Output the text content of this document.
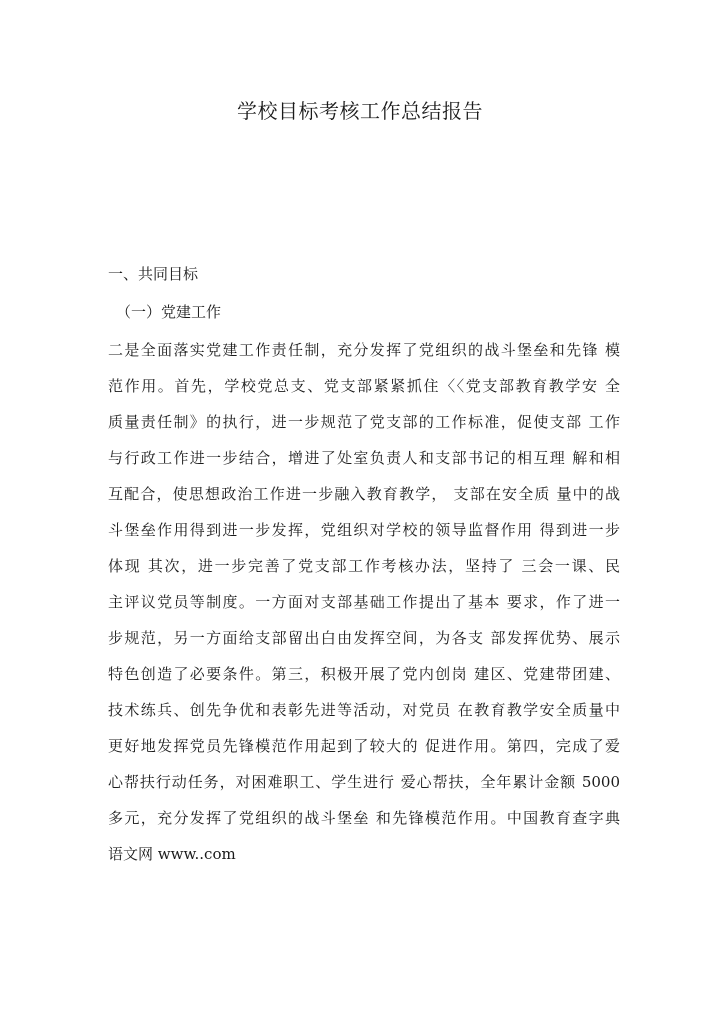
学校目标考核工作总结报告

一、共同目标

（一）党建工作

二是全面落实党建工作责任制，充分发挥了党组织的战斗堡垒和先锋 模
范作用。首先，学校党总支、党支部紧紧抓住〈〈党支部教育教学安 全
质量责任制》的执行，进一步规范了党支部的工作标准，促使支部 工作
与行政工作进一步结合，增进了处室负责人和支部书记的相互理 解和相
互配合，使思想政治工作进一步融入教育教学， 支部在安全质 量中的战
斗堡垒作用得到进一步发挥，党组织对学校的领导监督作用 得到进一步
体现 其次，进一步完善了党支部工作考核办法，坚持了 三会一课、民
主评议党员等制度。一方面对支部基础工作提出了基本 要求，作了进一
步规范，另一方面给支部留出白由发挥空间，为各支 部发挥优势、展示
特色创造了必要条件。第三，积极开展了党内创岗 建区、党建带团建、
技术练兵、创先争优和表彰先进等活动，对党员 在教育教学安全质量中
更好地发挥党员先锋模范作用起到了较大的 促进作用。第四，完成了爱
心帮扶行动任务，对困难职工、学生进行 爱心帮扶，全年累计金额 5000
多元，充分发挥了党组织的战斗堡垒 和先锋模范作用。中国教育查字典
语文网 www..com
